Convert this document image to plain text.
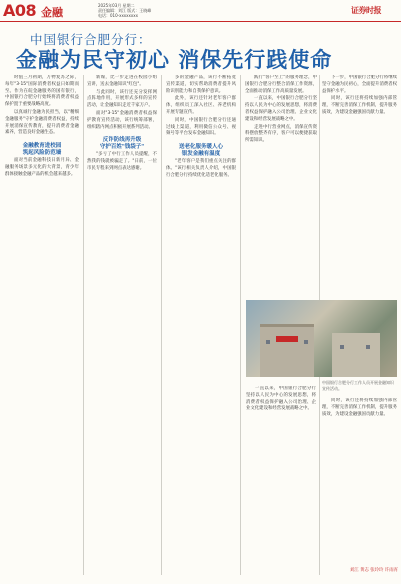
A08 金融
2025年03月 星期二
责任编辑：刘江 版式：王晓峰
电话：010-xxxxxxxx
证券时报
中国银行合肥分行：
金融为民守初心 消保先行践使命

时值三月初期，万物复苏之际，每年"3·15"国际消费者权益日如期而至。作为在皖金融服务的国有银行，中国银行合肥分行始终将消费者权益保护置于重要战略高度。

以真诚行金融为民担当，以"精细金融服务"守护金融消费者权益，持续开展消保宣传教育，提升消费者金融素养，营造良好金融生态。

金融教育进校园
筑起风险防范墙

面对当前金融科技日新月异、金融服务场景多元化的大背景，青少年群体接触金融产品的机会越来越多。

新媒，比一步走进在校园小组宣讲，送去金融知识"红包"。

与此同时，该行还充分发挥网点阵地作用，开展形式多样的宣传活动，让金融知识走近千家万户。

面对"3·15"金融消费者权益保护教育宣传活动，该行统筹部署，组织辖内网点积极开展系列活动。

反诈防线再升级
守护百姓"钱袋子"

"多亏了中行工作人员提醒，不然我的钱就被骗走了。"日前，一位市民专程来到网点表达感谢。

多的金融产品，该行不断拓宽宣传渠道，切实帮助消费者提升风险识别能力和自我保护意识。

此外，该行还针对老年客户群体，组织员工深入社区、养老机构开展专题宣传。

同时，中国银行合肥分行还通过线上渠道，利用微信公众号、视频号等平台发布金融知识。

送老化服务暖人心
银发金融有温度

"老年客户是我们重点关注的群体。"该行相关负责人介绍，中国银行合肥分行持续优化适老化服务。

践行"客户至上"的服务理念，中国银行合肥分行整合消保工作资源，全面推动消保工作高质量发展。

一直以来，中国银行合肥分行坚持以人民为中心的发展思想，将消费者权益保护融入公司治理、企业文化建设和经营发展战略之中。

走进中行营业网点，消保宣传资料摆放整齐有序，客户可以便捷获取所需知识。

下一步，中国银行合肥分行将继续坚守金融为民初心，全面提升消费者权益保护水平。

同时，该行还将持续加强内部管理，不断完善消保工作机制，提升服务质效，为建设金融强国贡献力量。

一直以来，中国银行合肥分行坚持以人民为中心的发展思想，将消费者权益保护融入公司治理、企业文化建设和经营发展战略之中。

中国银行合肥分行工作人员开展金融知识宣传活动。

同时，该行还将持续加强内部管理，不断完善消保工作机制，提升服务质效，为建设金融强国贡献力量。

刘江 黄志 张玲玲 许雨宵
